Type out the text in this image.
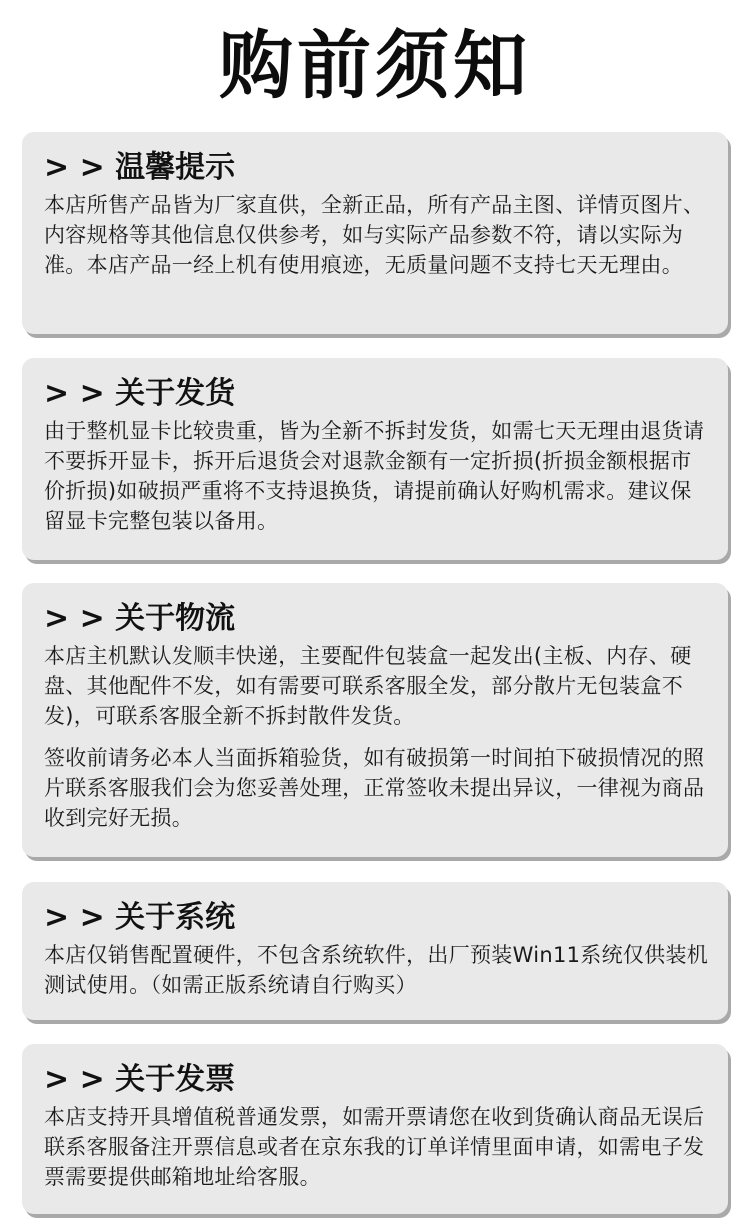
购前须知
> > 温馨提示

本店所售产品皆为厂家直供，全新正品，所有产品主图、详情页图片、内容规格等其他信息仅供参考，如与实际产品参数不符，请以实际为准。本店产品一经上机有使用痕迹，无质量问题不支持七天无理由。

> > 关于发货

由于整机显卡比较贵重，皆为全新不拆封发货，如需七天无理由退货请不要拆开显卡，拆开后退货会对退款金额有一定折损(折损金额根据市价折损)如破损严重将不支持退换货，请提前确认好购机需求。建议保留显卡完整包装以备用。

> > 关于物流

本店主机默认发顺丰快递，主要配件包装盒一起发出(主板、内存、硬盘、其他配件不发，如有需要可联系客服全发，部分散片无包装盒不发)，可联系客服全新不拆封散件发货。

签收前请务必本人当面拆箱验货，如有破损第一时间拍下破损情况的照片联系客服我们会为您妥善处理，正常签收未提出异议，一律视为商品收到完好无损。

> > 关于系统

本店仅销售配置硬件，不包含系统软件，出厂预装Win11系统仅供装机测试使用。（如需正版系统请自行购买）

> > 关于发票

本店支持开具增值税普通发票，如需开票请您在收到货确认商品无误后联系客服备注开票信息或者在京东我的订单详情里面申请，如需电子发票需要提供邮箱地址给客服。
